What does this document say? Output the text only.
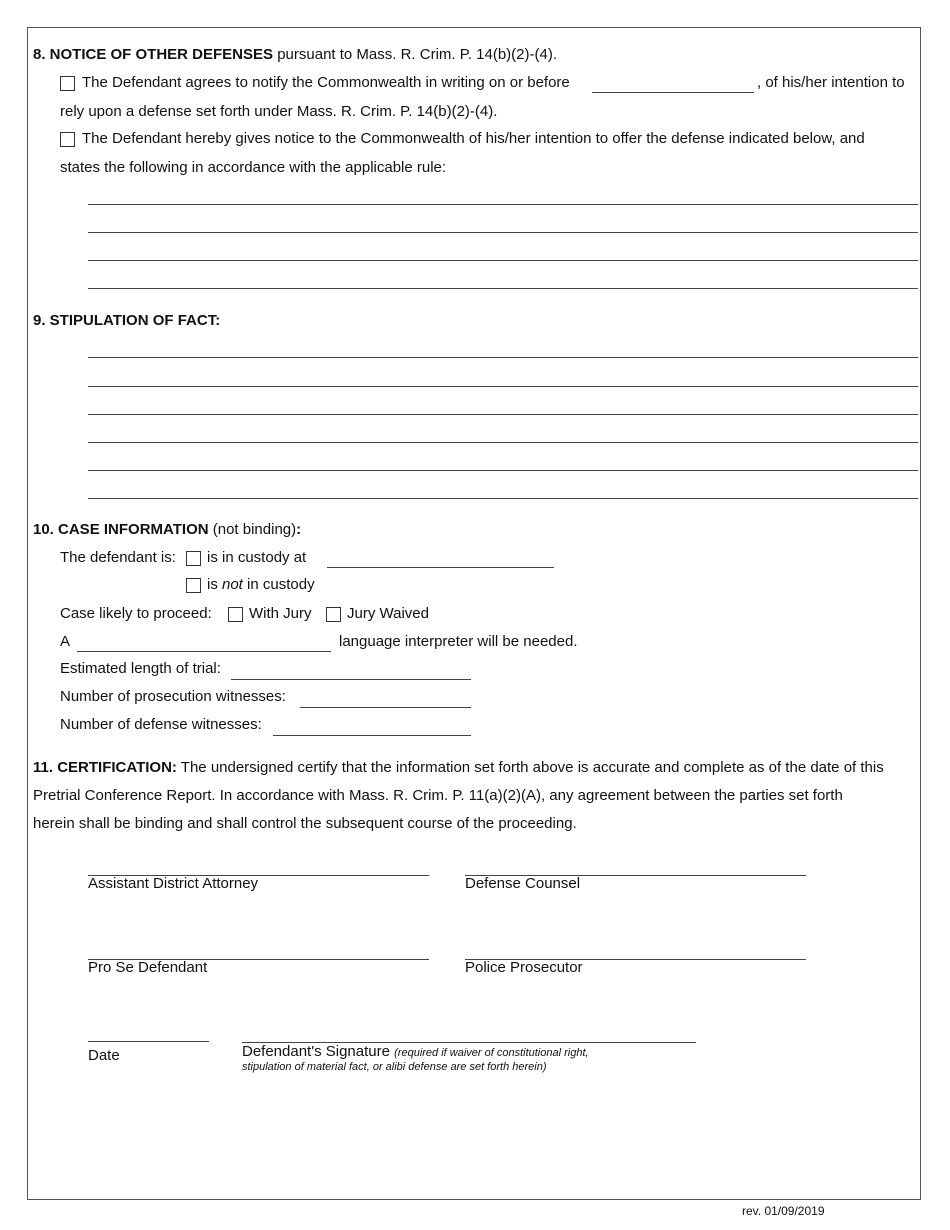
8. NOTICE OF OTHER DEFENSES pursuant to Mass. R. Crim. P. 14(b)(2)-(4).
The Defendant agrees to notify the Commonwealth in writing on or before	, of his/her intention to
rely upon a defense set forth under Mass. R. Crim. P. 14(b)(2)-(4).
The Defendant hereby gives notice to the Commonwealth of his/her intention to offer the defense indicated below, and
states the following in accordance with the applicable rule:
9. STIPULATION OF FACT:
10. CASE INFORMATION (not binding):
The defendant is: is in custody at
is not in custody
Case likely to proceed: With Jury Jury Waived
A	language interpreter will be needed.
Estimated length of trial:
Number of prosecution witnesses:
Number of defense witnesses:
11. CERTIFICATION: The undersigned certify that the information set forth above is accurate and complete as of the date of this
Pretrial Conference Report. In accordance with Mass. R. Crim. P. 11(a)(2)(A), any agreement between the parties set forth
herein shall be binding and shall control the subsequent course of the proceeding.
Assistant District Attorney	Defense Counsel
Pro Se Defendant	Police Prosecutor
Date	Defendant's Signature (required if waiver of constitutional right,
stipulation of material fact, or alibi defense are set forth herein)
rev. 01/09/2019
